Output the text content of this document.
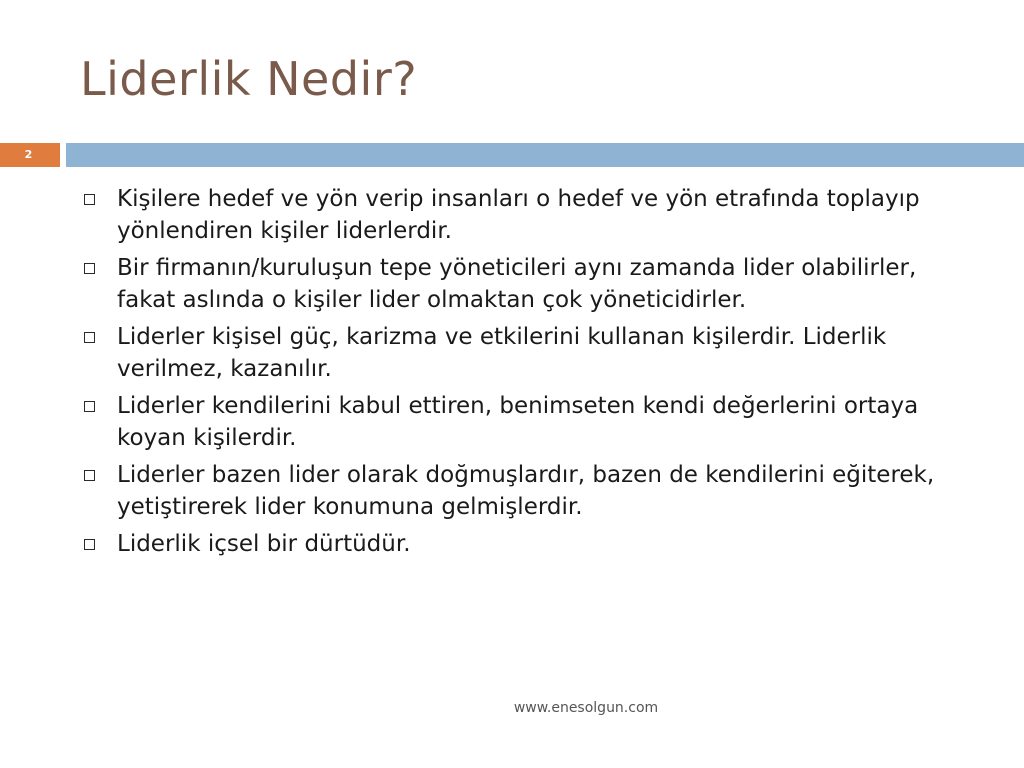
Liderlik Nedir?
2
Kişilere hedef ve yön verip insanları o hedef ve yön etrafında toplayıp yönlendiren kişiler liderlerdir.
Bir firmanın/kuruluşun tepe yöneticileri aynı zamanda lider olabilirler, fakat aslında o kişiler lider olmaktan çok yöneticidirler.
Liderler kişisel güç, karizma ve etkilerini kullanan kişilerdir. Liderlik verilmez, kazanılır.
Liderler kendilerini kabul ettiren, benimseten kendi değerlerini ortaya koyan kişilerdir.
Liderler bazen lider olarak doğmuşlardır, bazen de kendilerini eğiterek, yetiştirerek lider konumuna gelmişlerdir.
Liderlik içsel bir dürtüdür.
www.enesolgun.com
